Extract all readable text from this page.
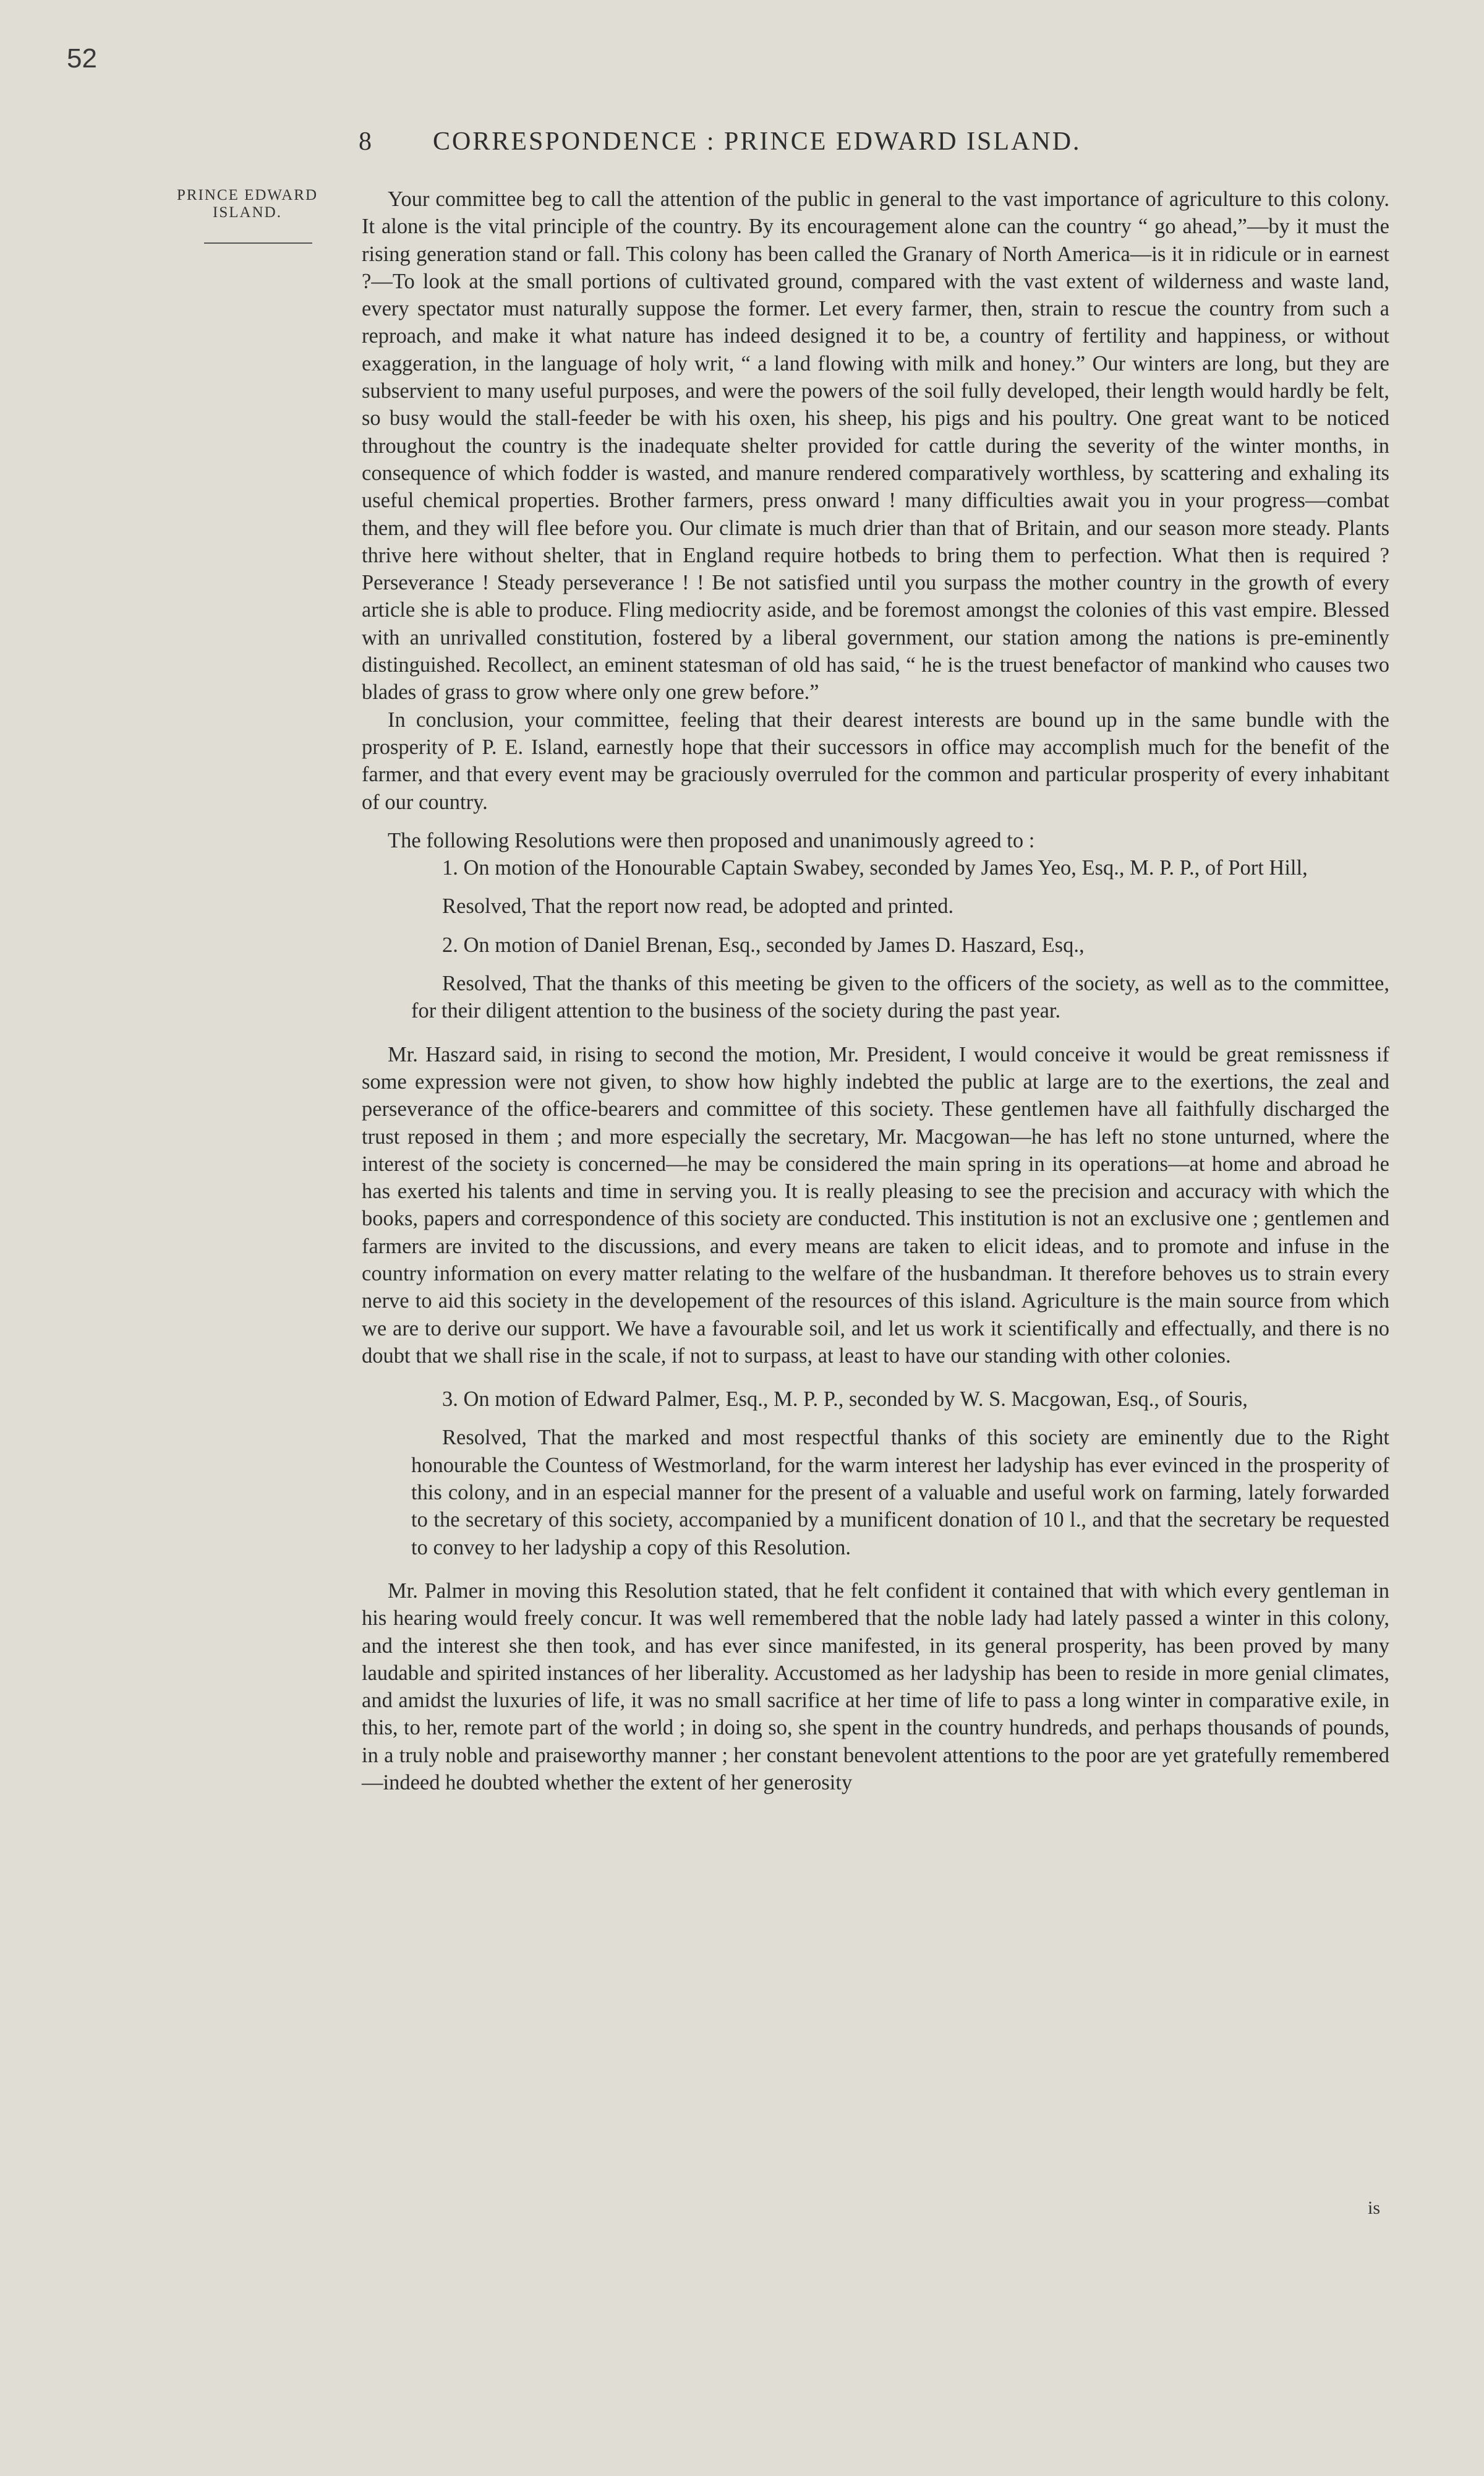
52
8 CORRESPONDENCE : PRINCE EDWARD ISLAND.
PRINCE EDWARD
ISLAND.

Your committee beg to call the attention of the public in general to the vast importance of agriculture to this colony. It alone is the vital principle of the country. By its encouragement alone can the country “ go ahead,”—by it must the rising generation stand or fall. This colony has been called the Granary of North America—is it in ridicule or in earnest ?—To look at the small portions of cultivated ground, compared with the vast extent of wilderness and waste land, every spectator must naturally suppose the former. Let every farmer, then, strain to rescue the country from such a reproach, and make it what nature has indeed designed it to be, a country of fertility and happiness, or without exaggeration, in the language of holy writ, “ a land flowing with milk and honey.” Our winters are long, but they are subservient to many useful purposes, and were the powers of the soil fully developed, their length would hardly be felt, so busy would the stall-feeder be with his oxen, his sheep, his pigs and his poultry. One great want to be noticed throughout the country is the inadequate shelter provided for cattle during the severity of the winter months, in consequence of which fodder is wasted, and manure rendered comparatively worthless, by scattering and exhaling its useful chemical properties. Brother farmers, press onward ! many difficulties await you in your progress—combat them, and they will flee before you. Our climate is much drier than that of Britain, and our season more steady. Plants thrive here without shelter, that in England require hotbeds to bring them to perfection. What then is required ? Perseverance ! Steady perseverance ! ! Be not satisfied until you surpass the mother country in the growth of every article she is able to produce. Fling mediocrity aside, and be foremost amongst the colonies of this vast empire. Blessed with an unrivalled constitution, fostered by a liberal government, our station among the nations is pre-eminently distinguished. Recollect, an eminent statesman of old has said, “ he is the truest benefactor of mankind who causes two blades of grass to grow where only one grew before.”

In conclusion, your committee, feeling that their dearest interests are bound up in the same bundle with the prosperity of P. E. Island, earnestly hope that their successors in office may accomplish much for the benefit of the farmer, and that every event may be graciously overruled for the common and particular prosperity of every inhabitant of our country.

The following Resolutions were then proposed and unanimously agreed to :

1. On motion of the Honourable Captain Swabey, seconded by James Yeo, Esq., M. P. P., of Port Hill,

Resolved, That the report now read, be adopted and printed.

2. On motion of Daniel Brenan, Esq., seconded by James D. Haszard, Esq.,

Resolved, That the thanks of this meeting be given to the officers of the society, as well as to the committee, for their diligent attention to the business of the society during the past year.

Mr. Haszard said, in rising to second the motion, Mr. President, I would conceive it would be great remissness if some expression were not given, to show how highly indebted the public at large are to the exertions, the zeal and perseverance of the office-bearers and committee of this society. These gentlemen have all faithfully discharged the trust reposed in them ; and more especially the secretary, Mr. Macgowan—he has left no stone unturned, where the interest of the society is concerned—he may be considered the main spring in its operations—at home and abroad he has exerted his talents and time in serving you. It is really pleasing to see the precision and accuracy with which the books, papers and correspondence of this society are conducted. This institution is not an exclusive one ; gentlemen and farmers are invited to the discussions, and every means are taken to elicit ideas, and to promote and infuse in the country information on every matter relating to the welfare of the husbandman. It therefore behoves us to strain every nerve to aid this society in the developement of the resources of this island. Agriculture is the main source from which we are to derive our support. We have a favourable soil, and let us work it scientifically and effectually, and there is no doubt that we shall rise in the scale, if not to surpass, at least to have our standing with other colonies.

3. On motion of Edward Palmer, Esq., M. P. P., seconded by W. S. Macgowan, Esq., of Souris,

Resolved, That the marked and most respectful thanks of this society are eminently due to the Right honourable the Countess of Westmorland, for the warm interest her ladyship has ever evinced in the prosperity of this colony, and in an especial manner for the present of a valuable and useful work on farming, lately forwarded to the secretary of this society, accompanied by a munificent donation of 10 l., and that the secretary be requested to convey to her ladyship a copy of this Resolution.

Mr. Palmer in moving this Resolution stated, that he felt confident it contained that with which every gentleman in his hearing would freely concur. It was well remembered that the noble lady had lately passed a winter in this colony, and the interest she then took, and has ever since manifested, in its general prosperity, has been proved by many laudable and spirited instances of her liberality. Accustomed as her ladyship has been to reside in more genial climates, and amidst the luxuries of life, it was no small sacrifice at her time of life to pass a long winter in comparative exile, in this, to her, remote part of the world ; in doing so, she spent in the country hundreds, and perhaps thousands of pounds, in a truly noble and praiseworthy manner ; her constant benevolent attentions to the poor are yet gratefully remembered—indeed he doubted whether the extent of her generosity

is
